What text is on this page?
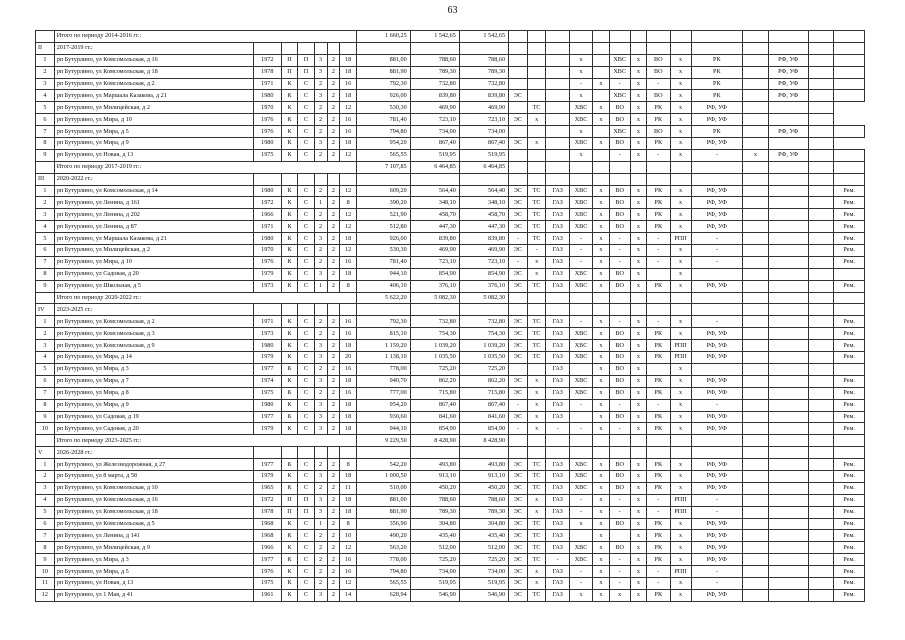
63
	Итого по периоду 2014-2016 гг.:							1 660,25	1 542,65	1 542,65														
II	2017-2019 гг.:																							
1	рп Бутурлино, ул Комсомольская, д 16	1972	П	П	3	2	18	881,00	788,60	788,60				х		ХВС	х	ВО	х	РК		РФ, УФ		
2	рп Бутурлино, ул Комсомольская, д 18	1978	П	П	3	2	18	881,90	789,30	789,30				х		ХВС	х	ВО	х	РК		РФ, УФ		
3	рп Бутурлино, ул Комсомольская, д 2	1971	К	С	2	2	16	792,30	732,80	732,80				-	х	-	х	-	х	РК		РФ, УФ		
4	рп Бутурлино, ул Маршала Казакова, д 21	1980	К	С	3	2	18	926,00	839,80	839,80	ЭС			х		ХВС	х	ВО	х	РК		РФ, УФ		
5	рп Бутурлино, ул Милицейская, д 2	1970	К	С	2	2	12	530,30	469,90	469,90		ТС		ХВС	х	ВО	х	РК	х	РФ, УФ				
6	рп Бутурлино, ул Мира, д 10	1976	К	С	2	2	16	781,40	723,10	723,10	ЭС	х		ХВС	х	ВО	х	РК	х	РФ, УФ				
7	рп Бутурлино, ул Мира, д 5	1976	К	С	2	2	16	794,80	734,00	734,00				х		ХВС	х	ВО	х	РК		РФ, УФ		
8	рп Бутурлино, ул Мира, д 9	1980	К	С	3	2	18	954,20	867,40	867,40	ЭС	х		ХВС	х	ВО	х	РК	х	РФ, УФ				
9	рп Бутурлино, ул Новая, д 13	1975	К	С	2	2	12	565,55	519,95	519,95				х		-	х	-	х	-	х	РФ, УФ		
	Итого по периоду 2017-2019 гг.:							7 107,85	6 464,85	6 464,85														
III	2020-2022 гг.:																							
1	рп Бутурлино, ул Комсомольская, д 14	1980	К	С	2	2	12	609,20	564,40	564,40	ЭС	ТС	ГАЗ	ХВС	х	ВО	х	РК	х	РФ, УФ				Рем.
2	рп Бутурлино, ул Ленина, д 161	1972	К	С	1	2	8	390,20	348,10	348,10	ЭС	ТС	ГАЗ	ХВС	х	ВО	х	РК	х	РФ, УФ				Рем.
3	рп Бутурлино, ул Ленина, д 202	1966	К	С	2	2	12	521,90	458,70	458,70	ЭС	ТС	ГАЗ	ХВС	х	ВО	х	РК	х	РФ, УФ				Рем.
4	рп Бутурлино, ул Ленина, д 87	1971	К	С	2	2	12	512,80	447,30	447,30	ЭС	ТС	ГАЗ	ХВС	х	ВО	х	РК	х	РФ, УФ				Рем.
5	рп Бутурлино, ул Маршала Казакова, д 21	1980	К	С	3	2	18	926,00	839,80	839,80	-	ТС	ГАЗ	-	х	-	х	-	РПП	-				Рем.
6	рп Бутурлино, ул Милицейская, д 2	1970	К	С	2	2	12	530,30	469,90	469,90	ЭС	-	ГАЗ	-	х	-	х	-	х	-				Рем.
7	рп Бутурлино, ул Мира, д 10	1976	К	С	2	2	16	781,40	723,10	723,10	-	х	ГАЗ	-	х	-	х	-	х	-				Рем.
8	рп Бутурлино, ул Садовая, д 20	1979	К	С	3	2	18	944,10	854,90	854,90	ЭС	х	ГАЗ	ХВС	х	ВО	х		х					
9	рп Бутурлино, ул Школьная, д 5	1973	К	С	1	2	8	406,10	376,10	376,10	ЭС	ТС	ГАЗ	ХВС	х	ВО	х	РК	х	РФ, УФ				Рем.
	Итого по периоду 2020-2022 гг.:							5 622,20	5 082,30	5 082,30														
IV	2023-2025 гг.:																							
1	рп Бутурлино, ул Комсомольская, д 2	1971	К	С	2	2	16	792,30	732,80	732,80	ЭС	ТС	ГАЗ	-	х	-	х	-	х	-				Рем.
2	рп Бутурлино, ул Комсомольская, д 3	1973	К	С	2	2	16	815,10	754,30	754,30	ЭС	ТС	ГАЗ	ХВС	х	ВО	х	РК	х	РФ, УФ				Рем.
3	рп Бутурлино, ул Комсомольская, д 9	1980	К	С	3	2	18	1 159,20	1 039,20	1 039,20	ЭС	ТС	ГАЗ	ХВС	х	ВО	х	РК	РПП	РФ, УФ				Рем.
4	рп Бутурлино, ул Мира, д 14	1979	К	С	3	2	20	1 138,10	1 035,50	1 035,50	ЭС	ТС	ГАЗ	ХВС	х	ВО	х	РК	РПП	РФ, УФ				Рем.
5	рп Бутурлино, ул Мира, д 3	1977	К	С	2	2	16	778,00	725,20	725,20			ГАЗ		х	ВО	х		х					
6	рп Бутурлино, ул Мира, д 7	1974	К	С	3	2	18	940,70	862,20	862,20	ЭС	х	ГАЗ	ХВС	х	ВО	х	РК	х	РФ, УФ				Рем.
7	рп Бутурлино, ул Мира, д 8	1975	К	С	2	2	16	777,00	715,80	715,80	ЭС	х	ГАЗ	ХВС	х	ВО	х	РК	х	РФ, УФ				Рем.
8	рп Бутурлино, ул Мира, д 9	1980	К	С	3	2	18	954,20	867,40	867,40	-	х	ГАЗ	-	х	-	х	-	х	-				Рем.
9	рп Бутурлино, ул Садовая, д 19	1977	К	С	3	2	18	930,60	841,60	841,60	ЭС	х	ГАЗ		х	ВО	х	РК	х	РФ, УФ				Рем.
10	рп Бутурлино, ул Садовая, д 20	1979	К	С	3	2	18	944,10	854,90	854,90	-	х	-	-	х	-	х	РК	х	РФ, УФ				Рем.
	Итого по периоду 2023-2025 гг.:							9 229,50	8 428,90	8 428,90														
V	2026-2028 гг.:																							
1	рп Бутурлино, ул Железнодорожная, д 27	1977	К	С	2	2	8	542,20	493,80	493,80	ЭС	ТС	ГАЗ	ХВС	х	ВО	х	РК	х	РФ, УФ				Рем.
2	рп Бутурлино, ул 8 марта, д 58	1979	К	С	3	2	18	1 000,50	913,10	913,10	ЭС	ТС	ГАЗ	ХВС	х	ВО	х	РК	х	РФ, УФ				Рем.
3	рп Бутурлино, ул Комсомольская, д 10	1965	К	С	2	2	11	510,00	450,20	450,20	ЭС	ТС	ГАЗ	ХВС	х	ВО	х	РК	х	РФ, УФ				Рем.
4	рп Бутурлино, ул Комсомольская, д 16	1972	П	П	3	2	18	881,00	788,60	788,60	ЭС	х	ГАЗ	-	х	-	х	-	РПП	-				Рем.
5	рп Бутурлино, ул Комсомольская, д 18	1978	П	П	3	2	18	881,90	789,30	789,30	ЭС	х	ГАЗ	-	х	-	х	-	РПП	-				Рем.
6	рп Бутурлино, ул Комсомольская, д 5	1968	К	С	1	2	8	356,90	304,80	304,80	ЭС	ТС	ГАЗ	х	х	ВО	х	РК	х	РФ, УФ				Рем.
7	рп Бутурлино, ул Ленина, д 141	1968	К	С	2	2	10	490,20	435,40	435,40	ЭС	ТС	ГАЗ		х		х	РК	х	РФ, УФ				Рем.
8	рп Бутурлино, ул Милицейская, д 9	1966	К	С	2	2	12	563,20	512,00	512,00	ЭС	ТС	ГАЗ	ХВС	х	ВО	х	РК	х	РФ, УФ				Рем.
9	рп Бутурлино, ул Мира, д 3	1977	К	С	2	2	16	778,00	725,20	725,20	ЭС	ТС	-	ХВС	х	-	х	РК	х	РФ, УФ				Рем.
10	рп Бутурлино, ул Мира, д 5	1976	К	С	2	2	16	794,80	734,00	734,00	ЭС	х	ГАЗ	-	х	-	х	-	РПП	-				Рем.
11	рп Бутурлино, ул Новая, д 13	1975	К	С	2	2	12	565,55	519,95	519,95	ЭС	х	ГАЗ	-	х	-	х	-	х	-				Рем.
12	рп Бутурлино, ул 1 Мая, д 41	1961	К	С	3	2	14	628,94	546,90	546,90	ЭС	ТС	ГАЗ	х	х	х	х	РК	х	РФ, УФ				Рем.
